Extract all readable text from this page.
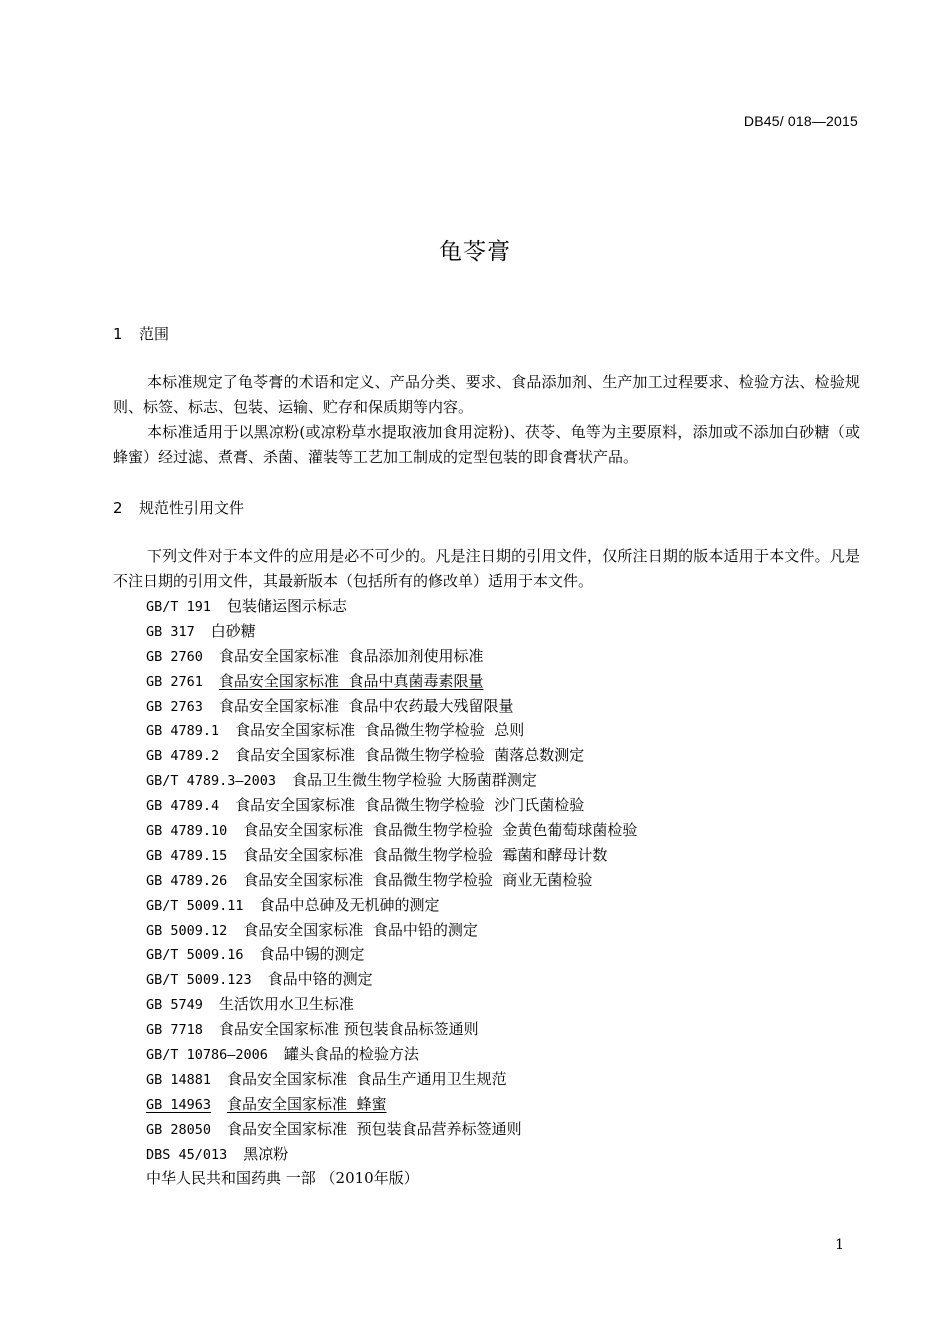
DB45/ 018—2015
龟苓膏
1 范围

本标准规定了龟苓膏的术语和定义、产品分类、要求、食品添加剂、生产加工过程要求、检验方法、检验规则、标签、标志、包装、运输、贮存和保质期等内容。

本标准适用于以黑凉粉(或凉粉草水提取液加食用淀粉)、茯苓、龟等为主要原料，添加或不添加白砂糖（或蜂蜜）经过滤、煮膏、杀菌、灌装等工艺加工制成的定型包装的即食膏状产品。

2 规范性引用文件

下列文件对于本文件的应用是必不可少的。凡是注日期的引用文件，仅所注日期的版本适用于本文件。凡是不注日期的引用文件，其最新版本（包括所有的修改单）适用于本文件。

GB/T 191 包装储运图示标志
GB 317 白砂糖
GB 2760 食品安全国家标准  食品添加剂使用标准
GB 2761 食品安全国家标准  食品中真菌毒素限量
GB 2763 食品安全国家标准  食品中农药最大残留限量
GB 4789.1 食品安全国家标准  食品微生物学检验  总则
GB 4789.2 食品安全国家标准  食品微生物学检验  菌落总数测定
GB/T 4789.3—2003 食品卫生微生物学检验 大肠菌群测定
GB 4789.4 食品安全国家标准  食品微生物学检验  沙门氏菌检验
GB 4789.10 食品安全国家标准  食品微生物学检验  金黄色葡萄球菌检验
GB 4789.15 食品安全国家标准  食品微生物学检验  霉菌和酵母计数
GB 4789.26 食品安全国家标准  食品微生物学检验  商业无菌检验
GB/T 5009.11 食品中总砷及无机砷的测定
GB 5009.12 食品安全国家标准  食品中铅的测定
GB/T 5009.16 食品中锡的测定
GB/T 5009.123 食品中铬的测定
GB 5749 生活饮用水卫生标准
GB 7718 食品安全国家标准 预包装食品标签通则
GB/T 10786—2006 罐头食品的检验方法
GB 14881 食品安全国家标准  食品生产通用卫生规范
GB 14963 食品安全国家标准  蜂蜜
GB 28050 食品安全国家标准  预包装食品营养标签通则
DBS 45/013 黑凉粉
中华人民共和国药典 一部 （2010年版）
1
